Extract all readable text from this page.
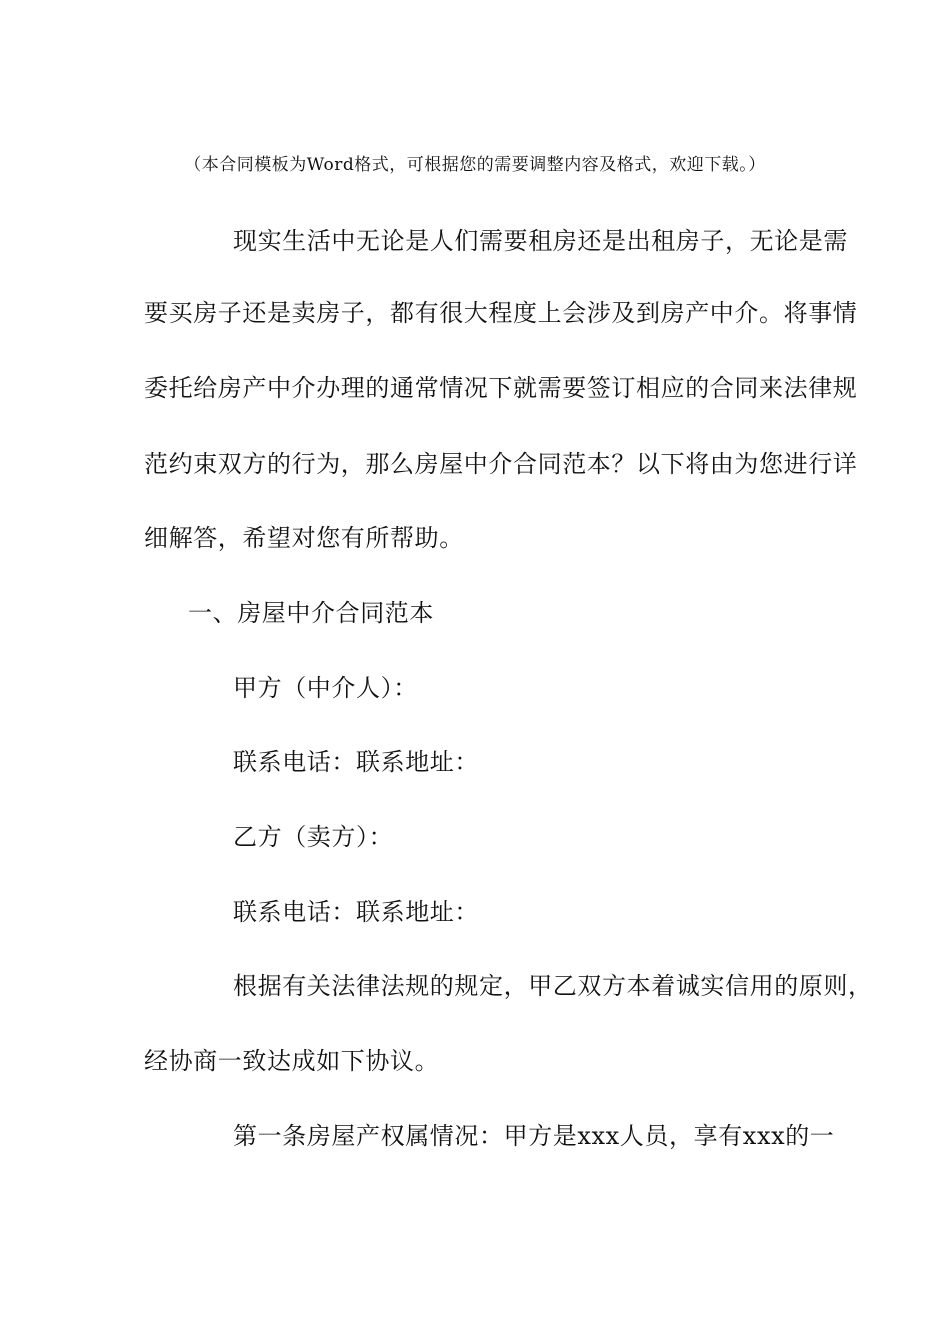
（本合同模板为Word格式，可根据您的需要调整内容及格式，欢迎下载。）
现实生活中无论是人们需要租房还是出租房子，无论是需
要买房子还是卖房子，都有很大程度上会涉及到房产中介。将事情
委托给房产中介办理的通常情况下就需要签订相应的合同来法律规
范约束双方的行为，那么房屋中介合同范本？以下将由为您进行详
细解答，希望对您有所帮助。
一、房屋中介合同范本
甲方（中介人）：
联系电话：联系地址：
乙方（卖方）：
联系电话：联系地址：
根据有关法律法规的规定，甲乙双方本着诚实信用的原则，
经协商一致达成如下协议。
第一条房屋产权属情况：甲方是xxx人员，享有xxx的一
